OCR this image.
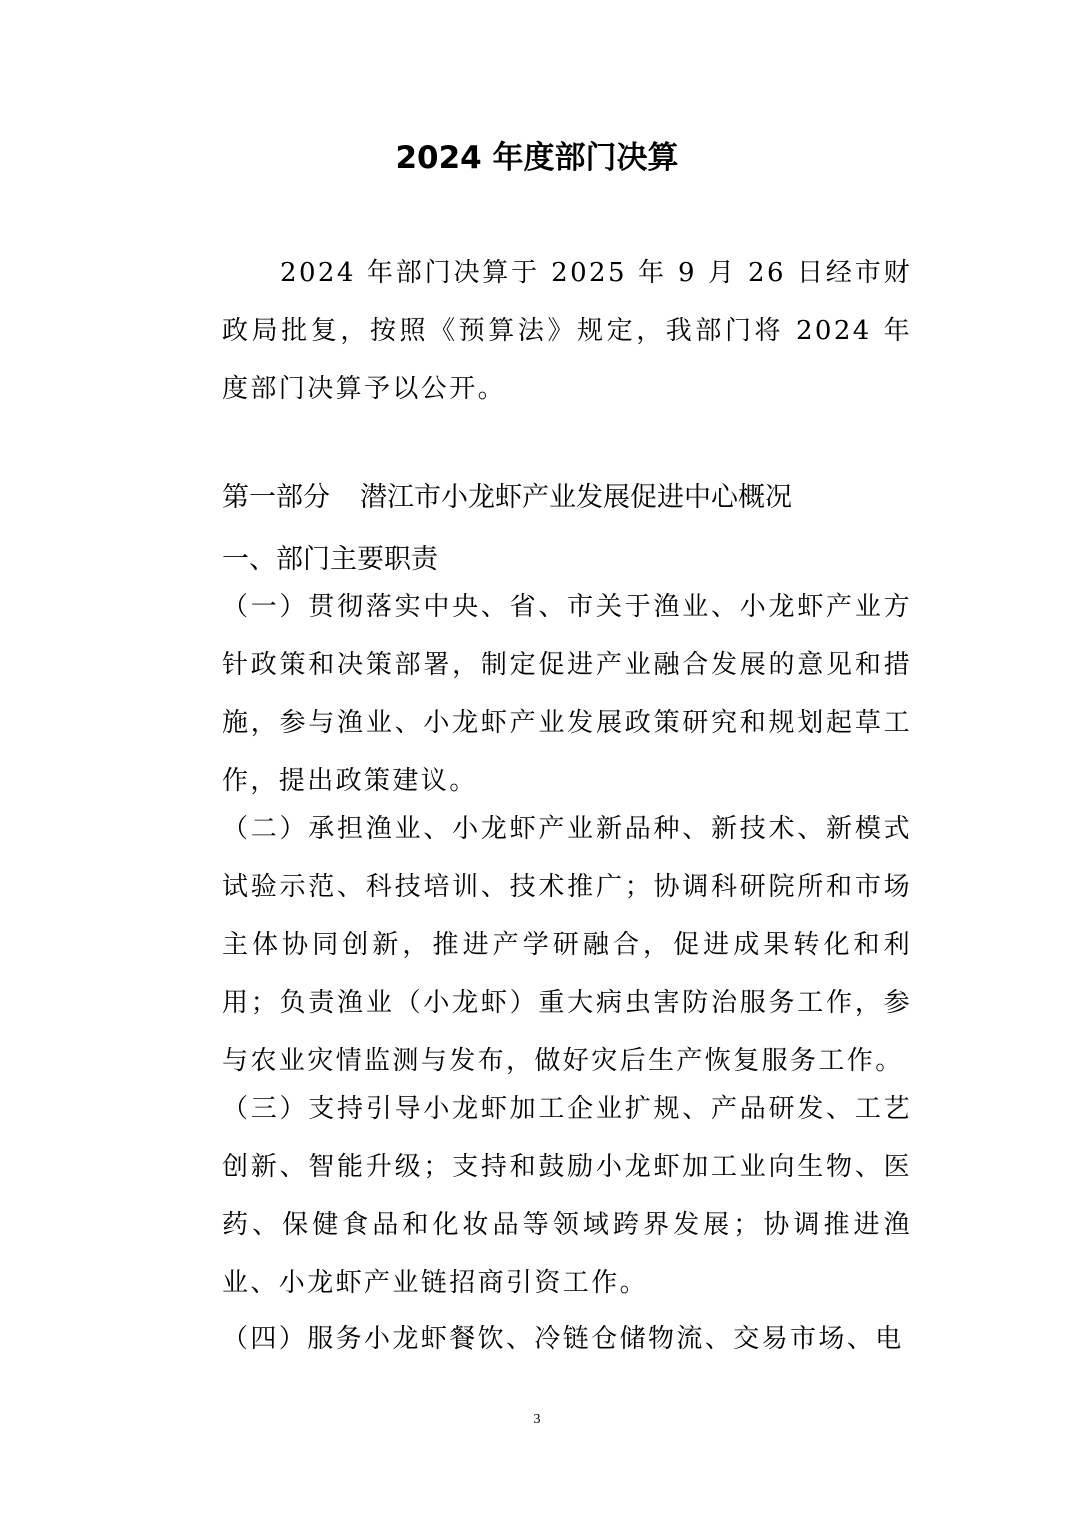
2024 年度部门决算

2024 年部门决算于 2025 年 9 月 26 日经市财政局批复，按照《预算法》规定，我部门将 2024 年度部门决算予以公开。

第一部分 潜江市小龙虾产业发展促进中心概况
一、部门主要职责

（一）贯彻落实中央、省、市关于渔业、小龙虾产业方针政策和决策部署，制定促进产业融合发展的意见和措施，参与渔业、小龙虾产业发展政策研究和规划起草工作，提出政策建议。

（二）承担渔业、小龙虾产业新品种、新技术、新模式试验示范、科技培训、技术推广；协调科研院所和市场主体协同创新，推进产学研融合，促进成果转化和利用；负责渔业（小龙虾）重大病虫害防治服务工作，参与农业灾情监测与发布，做好灾后生产恢复服务工作。

（三）支持引导小龙虾加工企业扩规、产品研发、工艺创新、智能升级；支持和鼓励小龙虾加工业向生物、医药、保健食品和化妆品等领域跨界发展；协调推进渔业、小龙虾产业链招商引资工作。

（四）服务小龙虾餐饮、冷链仓储物流、交易市场、电

3
